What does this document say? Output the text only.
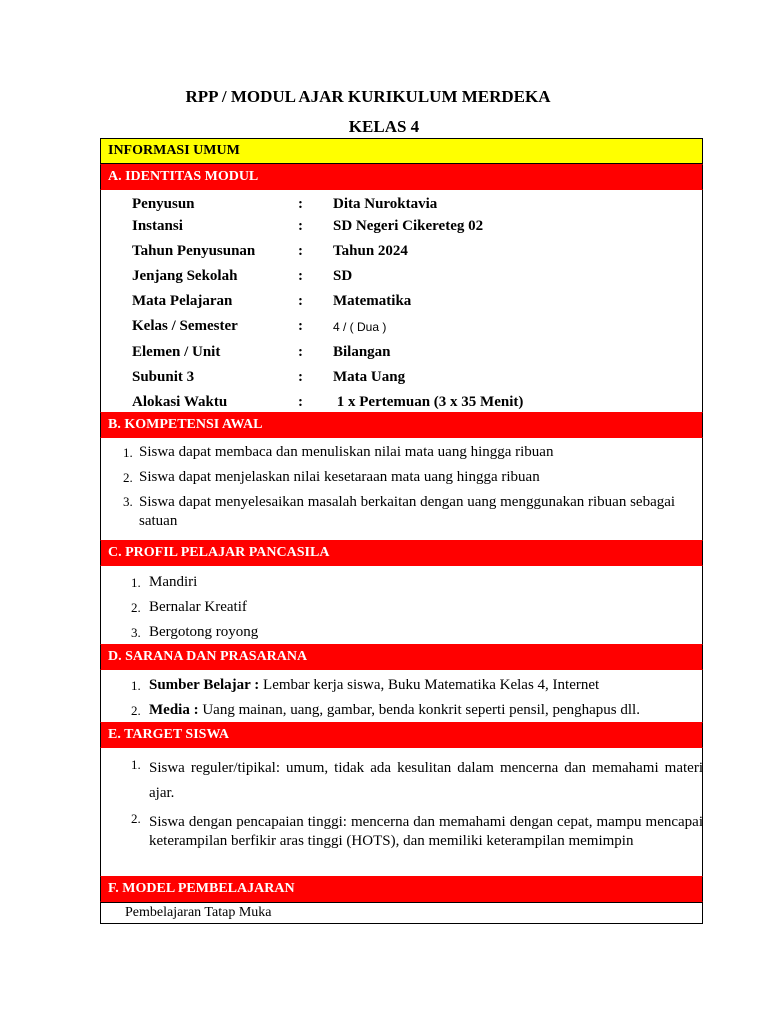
RPP / MODUL AJAR KURIKULUM MERDEKA
KELAS 4
INFORMASI UMUM
A. IDENTITAS MODUL
Penyusun	: Dita Nuroktavia
Instansi	: SD Negeri Cikereteg 02
Tahun Penyusunan	: Tahun 2024
Jenjang Sekolah	: SD
Mata Pelajaran	: Matematika
Kelas / Semester	:	4 / ( Dua )
Elemen / Unit	: Bilangan
Subunit 3	: Mata Uang
Alokasi Waktu	: 1 x Pertemuan (3 x 35 Menit)
B. KOMPETENSI AWAL
1. Siswa dapat membaca dan menuliskan nilai mata uang hingga ribuan
2. Siswa dapat menjelaskan nilai kesetaraan mata uang hingga ribuan
3. Siswa dapat menyelesaikan masalah berkaitan dengan uang menggunakan ribuan sebagai satuan
C. PROFIL PELAJAR PANCASILA
1. Mandiri
2. Bernalar Kreatif
3. Bergotong royong
D. SARANA DAN PRASARANA
1. Sumber Belajar : Lembar kerja siswa, Buku Matematika Kelas 4, Internet
2. Media : Uang mainan, uang, gambar, benda konkrit seperti pensil, penghapus dll.
E. TARGET SISWA
1. Siswa reguler/tipikal: umum, tidak ada kesulitan dalam mencerna dan memahami materi ajar.
2. Siswa dengan pencapaian tinggi: mencerna dan memahami dengan cepat, mampu mencapai keterampilan berfikir aras tinggi (HOTS), dan memiliki keterampilan memimpin
F. MODEL PEMBELAJARAN
Pembelajaran Tatap Muka
